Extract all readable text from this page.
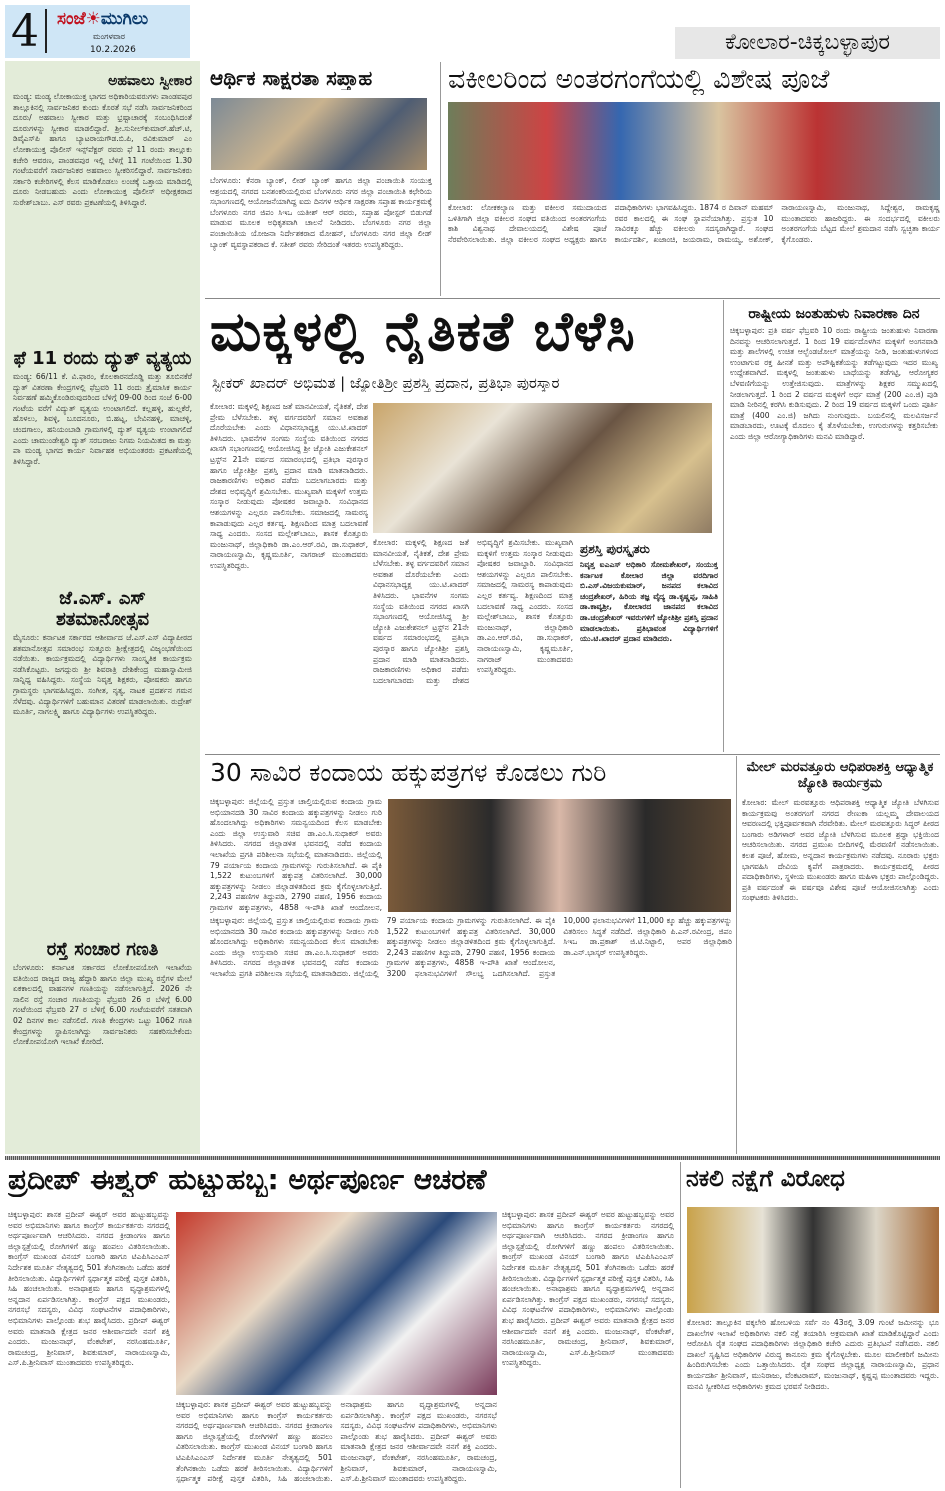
4 ಸಂಜೆ☀ಮುಗಿಲು
ಮಂಗಳವಾರ
10.2.2026	ಕೋಲಾರ-ಚಿಕ್ಕಬಳ್ಳಾಪುರ
ಅಹವಾಲು ಸ್ವೀಕಾರ
ಮಂಡ್ಯ: ಮಂಡ್ಯ ಲೋಕಾಯುಕ್ತ ಭಾಗದ ಅಧಿಕಾರಿಯವರುಗಳು ಪಾಂಡವಪುರ ತಾಲ್ಲೂಕಿನಲ್ಲಿ ಸಾರ್ವಜನಿಕರ ಕುಂದು ಕೊರತೆ ಸಭೆ ನಡೆಸಿ ಸಾರ್ವಜನಿಕರಿಂದ ದೂರು/ ಅಹವಾಲು ಸ್ವೀಕಾರ ಮತ್ತು ಭ್ರಷ್ಟಾಚಾರಕ್ಕೆ ಸಂಬಂಧಿಸಿದಂತೆ ದೂರುಗಳನ್ನು ಸ್ವೀಕಾರ ಮಾಡಲಿದ್ದಾರೆ. ಶ್ರೀ.ಸುನೀಲ್‌ಕುಮಾರ್.ಹೆಚ್.ಟಿ, ಡಿವೈಎಸ್‌ಪಿ ಹಾಗೂ ಬ್ಯಾಟರಾಯಗೌಡ.ಬಿ.ಪಿ, ರವಿಕುಮಾರ್ ಎಂ ಲೋಕಾಯುಕ್ತ ಪೊಲೀಸ್ ಇನ್ಸ್‌ಪೆಕ್ಟರ್ ರವರು ಫೆ 11 ರಂದು ತಾಲ್ಲೂಕು ಕಚೇರಿ ಆವರಣ, ಪಾಂಡವಪುರ ಇಲ್ಲಿ ಬೆಳಿಗ್ಗೆ 11 ಗಂಟೆಯಿಂದ 1.30 ಗಂಟೆಯವರೆಗೆ ಸಾರ್ವಜನಿಕರ ಅಹವಾಲು ಸ್ವೀಕರಿಸಲಿದ್ದಾರೆ. ಸಾರ್ವಜನಿಕರು ಸರ್ಕಾರಿ ಕಚೇರಿಗಳಲ್ಲಿ ಕೆಲಸ ಮಾಡಿಕೊಡಲು ಲಂಚಕ್ಕೆ ಒತ್ತಾಯ ಮಾಡಿದಲ್ಲಿ ದೂರು ನೀಡಬಹುದು ಎಂದು ಲೋಕಾಯುಕ್ತ ಪೊಲೀಸ್ ಅಧೀಕ್ಷಕರಾದ ಸುರೇಶ್‌ಬಾಬು. ಎಸ್ ರವರು ಪ್ರಕಟಣೆಯಲ್ಲಿ ತಿಳಿಸಿದ್ದಾರೆ.
ಫೆ 11 ರಂದು ದ್ಯುತ್ ವ್ಯತ್ಯಯ
ಮಂಡ್ಯ: 66/11 ಕೆ. ವಿ.ಫಾರಂ, ಕೊಲಕಾರನದೊಡ್ಡಿ ಮತ್ತು ತೂಬಿನಕೆರೆ ದ್ಯುತ್ ವಿತರಣಾ ಕೇಂದ್ರಗಳಲ್ಲಿ ಫೆಬ್ರವರಿ 11 ರಂದು ತ್ರೈಮಾಸಿಕ ಕಾರ್ಯ ನಿರ್ವಹಣೆ ಹಮ್ಮಿಕೊಂಡಿರುವುದರಿಂದ ಬೆಳಿಗ್ಗೆ 09-00 ರಿಂದ ಸಂಜೆ 6-00 ಗಂಟೆಯ ವರೆಗೆ ವಿದ್ಯುತ್ ವ್ಯತ್ಯಯ ಉಂಟಾಗಲಿದೆ. ಕಲ್ಲಹಳ್ಳಿ, ಹುಲ್ಲಕೆರೆ, ಹೊಳಲು, ಶಿವಳ್ಳಿ, ಬೂದನೂರು, ಬಿ.ಹಟ್ನ, ಬೇವಿನಹಳ್ಳಿ, ಮಾಚಳ್ಳಿ, ಚಂದಗಾಲು, ಹನಿಯಂಬಾಡಿ ಗ್ರಾಮಗಳಲ್ಲಿ ದ್ಯುತ್ ವ್ಯತ್ಯಯ ಉಂಟಾಗಲಿದೆ ಎಂದು ಚಾಮುಂಡೇಶ್ವರಿ ದ್ಯುತ್ ಸರಬರಾಜು ನಿಗಮ ನಿಯಮಿತದ ಕಾ ಮತ್ತು ಪಾ ಮಂಡ್ಯ ಭಾಗದ ಕಾರ್ಯ ನಿರ್ವಾಹಕ ಅಭಿಯಂತರರು ಪ್ರಕಟಣೆಯಲ್ಲಿ ತಿಳಿಸಿದ್ದಾರೆ.
ಜೆ.ಎಸ್. ಎಸ್ ಶತಮಾನೋತ್ಸವ
ಮೈಸೂರು: ಕರ್ನಾಟಕ ಸರ್ಕಾರದ ಆಶೀರ್ವಾದ ಜೆ.ಎಸ್.ಎಸ್ ವಿದ್ಯಾಪೀಠದ ಶತಮಾನೋತ್ಸವ ಸಮಾರಂಭ ಸುತ್ತೂರು ಶ್ರೀಕ್ಷೇತ್ರದಲ್ಲಿ ವಿಜೃಂಭಣೆಯಿಂದ ನಡೆಯಿತು. ಕಾರ್ಯಕ್ರಮದಲ್ಲಿ ವಿದ್ಯಾರ್ಥಿಗಳು ಸಾಂಸ್ಕೃತಿಕ ಕಾರ್ಯಕ್ರಮ ನಡೆಸಿಕೊಟ್ಟರು. ಜಗದ್ಗುರು ಶ್ರೀ ಶಿವರಾತ್ರಿ ದೇಶಿಕೇಂದ್ರ ಮಹಾಸ್ವಾಮೀಜಿ ಸಾನ್ನಿಧ್ಯ ವಹಿಸಿದ್ದರು. ಸಂಸ್ಥೆಯ ನಿವೃತ್ತ ಶಿಕ್ಷಕರು, ಪೋಷಕರು ಹಾಗೂ ಗ್ರಾಮಸ್ಥರು ಭಾಗವಹಿಸಿದ್ದರು. ಸಂಗೀತ, ನೃತ್ಯ, ನಾಟಕ ಪ್ರದರ್ಶನ ಗಮನ ಸೆಳೆದವು. ವಿದ್ಯಾರ್ಥಿಗಳಿಗೆ ಬಹುಮಾನ ವಿತರಣೆ ಮಾಡಲಾಯಿತು. ರುದ್ರೇಶ್ ಮೂರ್ತಿ, ನಾಗಲಕ್ಷ್ಮಿ ಹಾಗೂ ವಿದ್ಯಾರ್ಥಿಗಳು ಉಪಸ್ಥಿತರಿದ್ದರು.
ರಸ್ತೆ ಸಂಚಾರ ಗಣತಿ
ಬೆಂಗಳೂರು: ಕರ್ನಾಟಕ ಸರ್ಕಾರದ ಲೋಕೋಪಯೋಗಿ ಇಲಾಖೆಯ ವತಿಯಿಂದ ರಾಜ್ಯದ ರಾಜ್ಯ ಹೆದ್ದಾರಿ ಹಾಗೂ ಜಿಲ್ಲಾ ಮುಖ್ಯ ರಸ್ತೆಗಳ ಮೇಲೆ ಏಕಕಾಲದಲ್ಲಿ ವಾಹನಗಳ ಗಣತಿಯನ್ನು ನಡೆಸಲಾಗುತ್ತಿದೆ. 2026 ನೇ ಸಾಲಿನ ರಸ್ತೆ ಸಂಚಾರ ಗಣತಿಯನ್ನು ಫೆಬ್ರವರಿ 26 ರ ಬೆಳಿಗ್ಗೆ 6.00 ಗಂಟೆಯಿಂದ ಫೆಬ್ರವರಿ 27 ರ ಬೆಳಿಗ್ಗೆ 6.00 ಗಂಟೆಯವರೆಗೆ ಸತತವಾಗಿ 02 ದಿನಗಳ ಕಾಲ ನಡೆಸಲಿದೆ. ಗಣತಿ ಕೇಂದ್ರಗಳು ಒಟ್ಟು 1062 ಗಣತಿ ಕೇಂದ್ರಗಳನ್ನು ಸ್ಥಾಪಿಸಲಾಗಿದ್ದು ಸಾರ್ವಜನಿಕರು ಸಹಕರಿಸಬೇಕೆಂದು ಲೋಕೋಪಯೋಗಿ ಇಲಾಖೆ ಕೋರಿದೆ.
ಆರ್ಥಿಕ ಸಾಕ್ಷರತಾ ಸಪ್ತಾಹ
ಬೆಂಗಳೂರು: ಕೆನರಾ ಬ್ಯಾಂಕ್, ಲೀಡ್ ಬ್ಯಾಂಕ್ ಹಾಗೂ ಜಿಲ್ಲಾ ಪಂಚಾಯಿತಿ ಸಂಯುಕ್ತ ಆಶ್ರಯದಲ್ಲಿ ನಗರದ ಬನಶಂಕರಿಯಲ್ಲಿರುವ ಬೆಂಗಳೂರು ನಗರ ಜಿಲ್ಲಾ ಪಂಚಾಯಿತಿ ಕಛೇರಿಯ ಸಭಾಂಗಣದಲ್ಲಿ ಆಯೋಜನೆಯಾಗಿದ್ದ ಐದು ದಿನಗಳ ಆರ್ಥಿಕ ಸಾಕ್ಷರತಾ ಸಪ್ತಾಹ ಕಾರ್ಯಕ್ರಮಕ್ಕೆ ಬೆಂಗಳೂರು ನಗರ ಜಿಪಂ ಸಿಇಒ ಯತೀಶ್ ಆರ್ ರವರು, ಸಪ್ತಾಹ ಪೋಸ್ಟರ್ ಬಿಡುಗಡೆ ಮಾಡುವ ಮೂಲಕ ಅಧಿಕೃತವಾಗಿ ಚಾಲನೆ ನೀಡಿದರು. ಬೆಂಗಳೂರು ನಗರ ಜಿಲ್ಲಾ ಪಂಚಾಯಿತಿಯ ಯೋಜನಾ ನಿರ್ದೇಶಕರಾದ ಮೋಹನ್, ಬೆಂಗಳೂರು ನಗರ ಜಿಲ್ಲಾ ಲೀಡ್ ಬ್ಯಾಂಕ್ ವ್ಯವಸ್ಥಾಪಕರಾದ ಕೆ. ಸತೀಶ್ ರವರು ಸೇರಿದಂತೆ ಇತರರು ಉಪಸ್ಥಿತರಿದ್ದರು.
ವಕೀಲರಿಂದ ಅಂತರಗಂಗೆಯಲ್ಲಿ ವಿಶೇಷ ಪೂಜೆ
ಕೋಲಾರ: ಲೋಕಕಲ್ಯಾಣ ಮತ್ತು ವಕೀಲರ ಸಮುದಾಯದ ಒಳಿತಿಗಾಗಿ ಜಿಲ್ಲಾ ವಕೀಲರ ಸಂಘದ ವತಿಯಿಂದ ಅಂತರಗಂಗೆಯ ಕಾಶಿ ವಿಶ್ವನಾಥ ದೇವಾಲಯದಲ್ಲಿ ವಿಶೇಷ ಪೂಜೆ ನೆರವೇರಿಸಲಾಯಿತು. ಜಿಲ್ಲಾ ವಕೀಲರ ಸಂಘದ ಅಧ್ಯಕ್ಷರು ಹಾಗೂ ಪದಾಧಿಕಾರಿಗಳು ಭಾಗವಹಿಸಿದ್ದರು. 1874 ರ ದಿವಾನ್ ಮಹಮ್ ರವರ ಕಾಲದಲ್ಲಿ ಈ ಸಂಘ ಸ್ಥಾಪನೆಯಾಗಿತ್ತು. ಪ್ರಸ್ತುತ 10 ಸಾವಿರಕ್ಕೂ ಹೆಚ್ಚು ವಕೀಲರು ಸದಸ್ಯರಾಗಿದ್ದಾರೆ. ಸಂಘದ ಕಾರ್ಯದರ್ಶಿ, ಖಜಾಂಚಿ, ಜಯರಾಮ, ರಾಮಯ್ಯ, ಅಶೋಕ್, ನಾರಾಯಣಸ್ವಾಮಿ, ಮಂಜುನಾಥ, ಸಿದ್ದೇಶ್ವರ, ರಾಮಕೃಷ್ಣ ಮುಂತಾದವರು ಹಾಜರಿದ್ದರು. ಈ ಸಂದರ್ಭದಲ್ಲಿ ವಕೀಲರು ಅಂತರಗಂಗೆಯ ಬೆಟ್ಟದ ಮೇಲೆ ಶ್ರಮದಾನ ನಡೆಸಿ ಸ್ವಚ್ಛತಾ ಕಾರ್ಯ ಕೈಗೊಂಡರು.
ಮಕ್ಕಳಲ್ಲಿ ನೈತಿಕತೆ ಬೆಳೆಸಿ
ಸ್ಪೀಕರ್ ಖಾದರ್ ಅಭಿಮತ | ಜ್ಯೋತಿಶ್ರೀ ಪ್ರಶಸ್ತಿ ಪ್ರದಾನ, ಪ್ರತಿಭಾ ಪುರಸ್ಕಾರ
ಕೋಲಾರ: ಮಕ್ಕಳಲ್ಲಿ ಶಿಕ್ಷಣದ ಜತೆ ಮಾನವೀಯತೆ, ನೈತಿಕತೆ, ದೇಶ ಪ್ರೇಮ ಬೆಳೆಸಬೇಕು. ತಳ್ಳ ವರ್ಗದವರಿಗೆ ಸಮಾನ ಅವಕಾಶ ದೊರೆಯಬೇಕು ಎಂದು ವಿಧಾನಸಭಾಧ್ಯಕ್ಷ ಯು.ಟಿ.ಖಾದರ್ ತಿಳಿಸಿದರು. ಭಾವನೆಗಳ ಸಂಗಮ ಸಂಸ್ಥೆಯ ವತಿಯಿಂದ ನಗರದ ಖಾಸಗಿ ಸಭಾಂಗಣದಲ್ಲಿ ಆಯೋಜಿಸಿದ್ದ ಶ್ರೀ ಜ್ಯೋತಿ ಎಜುಕೇಶನಲ್ ಟ್ರಸ್ಟ್‌ನ 21ನೇ ವರ್ಷದ ಸಮಾರಂಭದಲ್ಲಿ ಪ್ರತಿಭಾ ಪುರಸ್ಕಾರ ಹಾಗೂ ಜ್ಯೋತಿಶ್ರೀ ಪ್ರಶಸ್ತಿ ಪ್ರದಾನ ಮಾಡಿ ಮಾತನಾಡಿದರು. ರಾಜಕಾರಣಿಗಳು ಅಧಿಕಾರ ಪಡೆದು ಬದಲಾಗಬಾರದು ಮತ್ತು ದೇಶದ ಅಭಿವೃದ್ಧಿಗೆ ಶ್ರಮಿಸಬೇಕು. ಮುಖ್ಯವಾಗಿ ಮಕ್ಕಳಿಗೆ ಉತ್ತಮ ಸಂಸ್ಕಾರ ನೀಡುವುದು ಪೋಷಕರ ಜವಾಬ್ದಾರಿ. ಸಂವಿಧಾನದ ಆಶಯಗಳನ್ನು ಎಲ್ಲರೂ ಪಾಲಿಸಬೇಕು. ಸಮಾಜದಲ್ಲಿ ಸಾಮರಸ್ಯ ಕಾಪಾಡುವುದು ಎಲ್ಲರ ಕರ್ತವ್ಯ. ಶಿಕ್ಷಣದಿಂದ ಮಾತ್ರ ಬದಲಾವಣೆ ಸಾಧ್ಯ ಎಂದರು. ಸಂಸದ ಮಲ್ಲೇಶ್‌ಬಾಬು, ಶಾಸಕ ಕೊತ್ತೂರು ಮಂಜುನಾಥ್, ಜಿಲ್ಲಾಧಿಕಾರಿ ಡಾ.ಎಂ.ಆರ್.ರವಿ, ಡಾ.ಸುಧಾಕರ್, ನಾರಾಯಣಸ್ವಾಮಿ, ಕೃಷ್ಣಮೂರ್ತಿ, ನಾಗರಾಜ್ ಮುಂತಾದವರು ಉಪಸ್ಥಿತರಿದ್ದರು.
ಕೋಲಾರ: ಮಕ್ಕಳಲ್ಲಿ ಶಿಕ್ಷಣದ ಜತೆ ಮಾನವೀಯತೆ, ನೈತಿಕತೆ, ದೇಶ ಪ್ರೇಮ ಬೆಳೆಸಬೇಕು. ತಳ್ಳ ವರ್ಗದವರಿಗೆ ಸಮಾನ ಅವಕಾಶ ದೊರೆಯಬೇಕು ಎಂದು ವಿಧಾನಸಭಾಧ್ಯಕ್ಷ ಯು.ಟಿ.ಖಾದರ್ ತಿಳಿಸಿದರು. ಭಾವನೆಗಳ ಸಂಗಮ ಸಂಸ್ಥೆಯ ವತಿಯಿಂದ ನಗರದ ಖಾಸಗಿ ಸಭಾಂಗಣದಲ್ಲಿ ಆಯೋಜಿಸಿದ್ದ ಶ್ರೀ ಜ್ಯೋತಿ ಎಜುಕೇಶನಲ್ ಟ್ರಸ್ಟ್‌ನ 21ನೇ ವರ್ಷದ ಸಮಾರಂಭದಲ್ಲಿ ಪ್ರತಿಭಾ ಪುರಸ್ಕಾರ ಹಾಗೂ ಜ್ಯೋತಿಶ್ರೀ ಪ್ರಶಸ್ತಿ ಪ್ರದಾನ ಮಾಡಿ ಮಾತನಾಡಿದರು. ರಾಜಕಾರಣಿಗಳು ಅಧಿಕಾರ ಪಡೆದು ಬದಲಾಗಬಾರದು ಮತ್ತು ದೇಶದ ಅಭಿವೃದ್ಧಿಗೆ ಶ್ರಮಿಸಬೇಕು. ಮುಖ್ಯವಾಗಿ ಮಕ್ಕಳಿಗೆ ಉತ್ತಮ ಸಂಸ್ಕಾರ ನೀಡುವುದು ಪೋಷಕರ ಜವಾಬ್ದಾರಿ. ಸಂವಿಧಾನದ ಆಶಯಗಳನ್ನು ಎಲ್ಲರೂ ಪಾಲಿಸಬೇಕು. ಸಮಾಜದಲ್ಲಿ ಸಾಮರಸ್ಯ ಕಾಪಾಡುವುದು ಎಲ್ಲರ ಕರ್ತವ್ಯ. ಶಿಕ್ಷಣದಿಂದ ಮಾತ್ರ ಬದಲಾವಣೆ ಸಾಧ್ಯ ಎಂದರು. ಸಂಸದ ಮಲ್ಲೇಶ್‌ಬಾಬು, ಶಾಸಕ ಕೊತ್ತೂರು ಮಂಜುನಾಥ್, ಜಿಲ್ಲಾಧಿಕಾರಿ ಡಾ.ಎಂ.ಆರ್.ರವಿ, ಡಾ.ಸುಧಾಕರ್, ನಾರಾಯಣಸ್ವಾಮಿ, ಕೃಷ್ಣಮೂರ್ತಿ, ನಾಗರಾಜ್ ಮುಂತಾದವರು ಉಪಸ್ಥಿತರಿದ್ದರು.
ಪ್ರಶಸ್ತಿ ಪುರಸ್ಕೃತರು
ನಿವೃತ್ತ ಐಎಎಸ್ ಅಧಿಕಾರಿ ಸೋಮಶೇಖರ್, ಸಂಯುಕ್ತ ಕರ್ನಾಟಕ ಕೋಲಾರ ಜಿಲ್ಲಾ ವರದಿಗಾರ ಬಿ.ಎಸ್.ವಿಜಯಕುಮಾರ್, ಜನಪದ ಕಲಾವಿದ ಚಂದ್ರಶೇಖರ್, ಹಿರಿಯ ತಜ್ಞ ವೈದ್ಯ ಡಾ.ಕೃಷ್ಣಪ್ಪ, ಸಾಹಿತಿ ಡಾ.ಕಾವ್ಯಶ್ರೀ, ಕೋಲಾರದ ಜಾನಪದ ಕಲಾವಿದ ಡಾ.ಚಂದ್ರಶೇಖರ್ ಇವರುಗಳಿಗೆ ಜ್ಯೋತಿಶ್ರೀ ಪ್ರಶಸ್ತಿ ಪ್ರದಾನ ಮಾಡಲಾಯಿತು. ಪ್ರತಿಭಾವಂತ ವಿದ್ಯಾರ್ಥಿಗಳಿಗೆ ಯು.ಟಿ.ಖಾದರ್ ಪ್ರದಾನ ಮಾಡಿದರು.
ರಾಷ್ಟ್ರೀಯ ಜಂತುಹುಳು ನಿವಾರಣಾ ದಿನ
ಚಿಕ್ಕಬಳ್ಳಾಪುರ: ಪ್ರತಿ ವರ್ಷ ಫೆಬ್ರವರಿ 10 ರಂದು ರಾಷ್ಟ್ರೀಯ ಜಂತುಹುಳು ನಿವಾರಣಾ ದಿನವನ್ನು ಆಚರಿಸಲಾಗುತ್ತದೆ. 1 ರಿಂದ 19 ವರ್ಷದೊಳಗಿನ ಮಕ್ಕಳಿಗೆ ಅಂಗನವಾಡಿ ಮತ್ತು ಶಾಲೆಗಳಲ್ಲಿ ಉಚಿತ ಆಲ್ಬೆಂಡಜೋಲ್ ಮಾತ್ರೆಯನ್ನು ನೀಡಿ, ಜಂತುಹುಳುಗಳಿಂದ ಉಂಟಾಗುವ ರಕ್ತ ಹೀನತೆ ಮತ್ತು ಅಪೌಷ್ಟಿಕತೆಯನ್ನು ತಡೆಗಟ್ಟುವುದು ಇದರ ಮುಖ್ಯ ಉದ್ದೇಶವಾಗಿದೆ. ಮಕ್ಕಳಲ್ಲಿ ಜಂತುಹುಳು ಬಾಧೆಯನ್ನು ತಡೆಗಟ್ಟಿ, ಆರೋಗ್ಯಕರ ಬೆಳವಣಿಗೆಯನ್ನು ಉತ್ತೇಜಿಸುವುದು. ಮಾತ್ರೆಗಳನ್ನು ಶಿಕ್ಷಕರ ಸಮ್ಮುಖದಲ್ಲಿ ನೀಡಲಾಗುತ್ತದೆ. 1 ರಿಂದ 2 ವರ್ಷದ ಮಕ್ಕಳಿಗೆ ಅರ್ಧ ಮಾತ್ರೆ (200 ಎಂ.ಜಿ) ಪುಡಿ ಮಾಡಿ ನೀರಿನಲ್ಲಿ ಕರಗಿಸಿ ಕುಡಿಸುವುದು. 2 ರಿಂದ 19 ವರ್ಷದ ಮಕ್ಕಳಿಗೆ ಒಂದು ಪೂರ್ತಿ ಮಾತ್ರೆ (400 ಎಂ.ಜಿ) ಜಗಿದು ನುಂಗುವುದು. ಬಯಲಿನಲ್ಲಿ ಮಲವಿಸರ್ಜನೆ ಮಾಡಬಾರದು, ಊಟಕ್ಕೆ ಮೊದಲು ಕೈ ತೊಳೆಯಬೇಕು, ಉಗುರುಗಳನ್ನು ಕತ್ತರಿಸಬೇಕು ಎಂದು ಜಿಲ್ಲಾ ಆರೋಗ್ಯಾಧಿಕಾರಿಗಳು ಮನವಿ ಮಾಡಿದ್ದಾರೆ.
30 ಸಾವಿರ ಕಂದಾಯ ಹಕ್ಕುಪತ್ರಗಳ ಕೊಡಲು ಗುರಿ
ಚಿಕ್ಕಬಳ್ಳಾಪುರ: ಜಿಲ್ಲೆಯಲ್ಲಿ ಪ್ರಸ್ತುತ ಚಾಲ್ತಿಯಲ್ಲಿರುವ ಕಂದಾಯ ಗ್ರಾಮ ಅಭಿಯಾನದಡಿ 30 ಸಾವಿರ ಕಂದಾಯ ಹಕ್ಕುಪತ್ರಗಳನ್ನು ನೀಡಲು ಗುರಿ ಹೊಂದಲಾಗಿದ್ದು ಅಧಿಕಾರಿಗಳು ಸಮನ್ವಯದಿಂದ ಕೆಲಸ ಮಾಡಬೇಕು ಎಂದು ಜಿಲ್ಲಾ ಉಸ್ತುವಾರಿ ಸಚಿವ ಡಾ.ಎಂ.ಸಿ.ಸುಧಾಕರ್ ಅವರು ತಿಳಿಸಿದರು. ನಗರದ ಜಿಲ್ಲಾಡಳಿತ ಭವನದಲ್ಲಿ ನಡೆದ ಕಂದಾಯ ಇಲಾಖೆಯ ಪ್ರಗತಿ ಪರಿಶೀಲನಾ ಸಭೆಯಲ್ಲಿ ಮಾತನಾಡಿದರು. ಜಿಲ್ಲೆಯಲ್ಲಿ 79 ಪರ್ಯಾಯ ಕಂದಾಯ ಗ್ರಾಮಗಳನ್ನು ಗುರುತಿಸಲಾಗಿದೆ. ಈ ಪೈಕಿ 1,522 ಕುಟುಂಬಗಳಿಗೆ ಹಕ್ಕುಪತ್ರ ವಿತರಿಸಲಾಗಿದೆ. 30,000 ಹಕ್ಕುಪತ್ರಗಳನ್ನು ನೀಡಲು ಜಿಲ್ಲಾಡಳಿತದಿಂದ ಕ್ರಮ ಕೈಗೊಳ್ಳಲಾಗುತ್ತಿದೆ. 2,243 ಪಹಣಿಗಳ ತಿದ್ದುಪಡಿ, 2790 ಪಹಣಿ, 1956 ಕಂದಾಯ ಗ್ರಾಮಗಳ ಹಕ್ಕುಪತ್ರಗಳು, 4858 ಇ-ಪೌತಿ ಖಾತೆ ಆಂದೋಲನ,
ಚಿಕ್ಕಬಳ್ಳಾಪುರ: ಜಿಲ್ಲೆಯಲ್ಲಿ ಪ್ರಸ್ತುತ ಚಾಲ್ತಿಯಲ್ಲಿರುವ ಕಂದಾಯ ಗ್ರಾಮ ಅಭಿಯಾನದಡಿ 30 ಸಾವಿರ ಕಂದಾಯ ಹಕ್ಕುಪತ್ರಗಳನ್ನು ನೀಡಲು ಗುರಿ ಹೊಂದಲಾಗಿದ್ದು ಅಧಿಕಾರಿಗಳು ಸಮನ್ವಯದಿಂದ ಕೆಲಸ ಮಾಡಬೇಕು ಎಂದು ಜಿಲ್ಲಾ ಉಸ್ತುವಾರಿ ಸಚಿವ ಡಾ.ಎಂ.ಸಿ.ಸುಧಾಕರ್ ಅವರು ತಿಳಿಸಿದರು. ನಗರದ ಜಿಲ್ಲಾಡಳಿತ ಭವನದಲ್ಲಿ ನಡೆದ ಕಂದಾಯ ಇಲಾಖೆಯ ಪ್ರಗತಿ ಪರಿಶೀಲನಾ ಸಭೆಯಲ್ಲಿ ಮಾತನಾಡಿದರು. ಜಿಲ್ಲೆಯಲ್ಲಿ 79 ಪರ್ಯಾಯ ಕಂದಾಯ ಗ್ರಾಮಗಳನ್ನು ಗುರುತಿಸಲಾಗಿದೆ. ಈ ಪೈಕಿ 1,522 ಕುಟುಂಬಗಳಿಗೆ ಹಕ್ಕುಪತ್ರ ವಿತರಿಸಲಾಗಿದೆ. 30,000 ಹಕ್ಕುಪತ್ರಗಳನ್ನು ನೀಡಲು ಜಿಲ್ಲಾಡಳಿತದಿಂದ ಕ್ರಮ ಕೈಗೊಳ್ಳಲಾಗುತ್ತಿದೆ. 2,243 ಪಹಣಿಗಳ ತಿದ್ದುಪಡಿ, 2790 ಪಹಣಿ, 1956 ಕಂದಾಯ ಗ್ರಾಮಗಳ ಹಕ್ಕುಪತ್ರಗಳು, 4858 ಇ-ಪೌತಿ ಖಾತೆ ಆಂದೋಲನ, 3200 ಫಲಾನುಭವಿಗಳಿಗೆ ಸೌಲಭ್ಯ ಒದಗಿಸಲಾಗಿದೆ. ಪ್ರಸ್ತುತ 10,000 ಫಲಾನುಭವಿಗಳಿಗೆ 11,000 ಕ್ಕೂ ಹೆಚ್ಚು ಹಕ್ಕುಪತ್ರಗಳನ್ನು ವಿತರಿಸಲು ಸಿದ್ಧತೆ ನಡೆದಿದೆ. ಜಿಲ್ಲಾಧಿಕಾರಿ ಪಿ.ಎನ್.ರವೀಂದ್ರ, ಜಿಪಂ ಸಿಇಒ ಡಾ.ಪ್ರಕಾಶ್ ಜಿ.ಟಿ.ನಿಟ್ಟಾಲಿ, ಅಪರ ಜಿಲ್ಲಾಧಿಕಾರಿ ಡಾ.ಎನ್.ಭಾಸ್ಕರ್ ಉಪಸ್ಥಿತರಿದ್ದರು.
ಮೇಲ್ ಮರವತ್ತೂರು ಆಧಿಪರಾಶಕ್ತಿ ಆಧ್ಯಾತ್ಮಿಕ ಜ್ಯೋತಿ ಕಾರ್ಯಕ್ರಮ
ಕೋಲಾರ: ಮೇಲ್ ಮರವತ್ತೂರು ಆಧಿಪರಾಶಕ್ತಿ ಆಧ್ಯಾತ್ಮಿಕ ಜ್ಯೋತಿ ಬೆಳಗಿಸುವ ಕಾರ್ಯಕ್ರಮವು ಅಂತರಗಂಗೆ ನಗರದ ರೇಣುಕಾ ಯಲ್ಲಮ್ಮ ದೇವಾಲಯದ ಆವರಣದಲ್ಲಿ ಭಕ್ತಿಪೂರ್ವಕವಾಗಿ ನೆರವೇರಿತು. ಮೇಲ್ ಮರವತ್ತೂರು ಸಿದ್ಧರ್ ಪೀಠದ ಬಂಗಾರು ಅಡಿಗಳಾರ್ ಅವರ ಜ್ಯೋತಿ ಬೆಳಗಿಸುವ ಮೂಲಕ ಶ್ರದ್ಧಾ ಭಕ್ತಿಯಿಂದ ಆಚರಿಸಲಾಯಿತು. ನಗರದ ಪ್ರಮುಖ ಬೀದಿಗಳಲ್ಲಿ ಮೆರವಣಿಗೆ ನಡೆಸಲಾಯಿತು. ಕಲಶ ಪೂಜೆ, ಹೋಮ, ಅನ್ನದಾನ ಕಾರ್ಯಕ್ರಮಗಳು ನಡೆದವು. ನೂರಾರು ಭಕ್ತರು ಭಾಗವಹಿಸಿ ದೇವಿಯ ಕೃಪೆಗೆ ಪಾತ್ರರಾದರು. ಕಾರ್ಯಕ್ರಮದಲ್ಲಿ ಪೀಠದ ಪದಾಧಿಕಾರಿಗಳು, ಸ್ಥಳೀಯ ಮುಖಂಡರು ಹಾಗೂ ಮಹಿಳಾ ಭಕ್ತರು ಪಾಲ್ಗೊಂಡಿದ್ದರು. ಪ್ರತಿ ವರ್ಷದಂತೆ ಈ ವರ್ಷವೂ ವಿಶೇಷ ಪೂಜೆ ಆಯೋಜಿಸಲಾಗಿತ್ತು ಎಂದು ಸಂಘಟಕರು ತಿಳಿಸಿದರು.
ಪ್ರದೀಪ್ ಈಶ್ವರ್ ಹುಟ್ಟುಹಬ್ಬ: ಅರ್ಥಪೂರ್ಣ ಆಚರಣೆ
ಚಿಕ್ಕಬಳ್ಳಾಪುರ: ಶಾಸಕ ಪ್ರದೀಪ್ ಈಶ್ವರ್ ಅವರ ಹುಟ್ಟುಹಬ್ಬವನ್ನು ಅವರ ಅಭಿಮಾನಿಗಳು ಹಾಗೂ ಕಾಂಗ್ರೆಸ್ ಕಾರ್ಯಕರ್ತರು ನಗರದಲ್ಲಿ ಅರ್ಥಪೂರ್ಣವಾಗಿ ಆಚರಿಸಿದರು. ನಗರದ ಕ್ರೀಡಾಂಗಣ ಹಾಗೂ ಜಿಲ್ಲಾಸ್ಪತ್ರೆಯಲ್ಲಿ ರೋಗಿಗಳಿಗೆ ಹಣ್ಣು ಹಂಪಲು ವಿತರಿಸಲಾಯಿತು. ಕಾಂಗ್ರೆಸ್ ಮುಖಂಡ ವಿನಯ್ ಬಂಗಾರಿ ಹಾಗೂ ಟಿಎಪಿಸಿಎಂಎಸ್ ನಿರ್ದೇಶಕ ಮೂರ್ತಿ ನೇತೃತ್ವದಲ್ಲಿ 501 ತೆಂಗಿನಕಾಯಿ ಒಡೆದು ಹರಕೆ ತೀರಿಸಲಾಯಿತು. ವಿದ್ಯಾರ್ಥಿಗಳಿಗೆ ಸ್ಪರ್ಧಾತ್ಮಕ ಪರೀಕ್ಷೆ ಪುಸ್ತಕ ವಿತರಿಸಿ, ಸಿಹಿ ಹಂಚಲಾಯಿತು. ಅನಾಥಾಶ್ರಮ ಹಾಗೂ ವೃದ್ಧಾಶ್ರಮಗಳಲ್ಲಿ ಅನ್ನದಾನ ಏರ್ಪಡಿಸಲಾಗಿತ್ತು. ಕಾಂಗ್ರೆಸ್ ಪಕ್ಷದ ಮುಖಂಡರು, ನಗರಸಭೆ ಸದಸ್ಯರು, ವಿವಿಧ ಸಂಘಟನೆಗಳ ಪದಾಧಿಕಾರಿಗಳು, ಅಭಿಮಾನಿಗಳು ಪಾಲ್ಗೊಂಡು ಶುಭ ಹಾರೈಸಿದರು. ಪ್ರದೀಪ್ ಈಶ್ವರ್ ಅವರು ಮಾತನಾಡಿ ಕ್ಷೇತ್ರದ ಜನರ ಆಶೀರ್ವಾದವೇ ನನಗೆ ಶಕ್ತಿ ಎಂದರು. ಮಂಜುನಾಥ್, ವೆಂಕಟೇಶ್, ನರಸಿಂಹಮೂರ್ತಿ, ರಾಮಚಂದ್ರ, ಶ್ರೀನಿವಾಸ್, ಶಿವಕುಮಾರ್, ನಾರಾಯಣಸ್ವಾಮಿ, ಎಸ್.ಪಿ.ಶ್ರೀನಿವಾಸ್ ಮುಂತಾದವರು ಉಪಸ್ಥಿತರಿದ್ದರು.
ಚಿಕ್ಕಬಳ್ಳಾಪುರ: ಶಾಸಕ ಪ್ರದೀಪ್ ಈಶ್ವರ್ ಅವರ ಹುಟ್ಟುಹಬ್ಬವನ್ನು ಅವರ ಅಭಿಮಾನಿಗಳು ಹಾಗೂ ಕಾಂಗ್ರೆಸ್ ಕಾರ್ಯಕರ್ತರು ನಗರದಲ್ಲಿ ಅರ್ಥಪೂರ್ಣವಾಗಿ ಆಚರಿಸಿದರು. ನಗರದ ಕ್ರೀಡಾಂಗಣ ಹಾಗೂ ಜಿಲ್ಲಾಸ್ಪತ್ರೆಯಲ್ಲಿ ರೋಗಿಗಳಿಗೆ ಹಣ್ಣು ಹಂಪಲು ವಿತರಿಸಲಾಯಿತು. ಕಾಂಗ್ರೆಸ್ ಮುಖಂಡ ವಿನಯ್ ಬಂಗಾರಿ ಹಾಗೂ ಟಿಎಪಿಸಿಎಂಎಸ್ ನಿರ್ದೇಶಕ ಮೂರ್ತಿ ನೇತೃತ್ವದಲ್ಲಿ 501 ತೆಂಗಿನಕಾಯಿ ಒಡೆದು ಹರಕೆ ತೀರಿಸಲಾಯಿತು. ವಿದ್ಯಾರ್ಥಿಗಳಿಗೆ ಸ್ಪರ್ಧಾತ್ಮಕ ಪರೀಕ್ಷೆ ಪುಸ್ತಕ ವಿತರಿಸಿ, ಸಿಹಿ ಹಂಚಲಾಯಿತು. ಅನಾಥಾಶ್ರಮ ಹಾಗೂ ವೃದ್ಧಾಶ್ರಮಗಳಲ್ಲಿ ಅನ್ನದಾನ ಏರ್ಪಡಿಸಲಾಗಿತ್ತು. ಕಾಂಗ್ರೆಸ್ ಪಕ್ಷದ ಮುಖಂಡರು, ನಗರಸಭೆ ಸದಸ್ಯರು, ವಿವಿಧ ಸಂಘಟನೆಗಳ ಪದಾಧಿಕಾರಿಗಳು, ಅಭಿಮಾನಿಗಳು ಪಾಲ್ಗೊಂಡು ಶುಭ ಹಾರೈಸಿದರು. ಪ್ರದೀಪ್ ಈಶ್ವರ್ ಅವರು ಮಾತನಾಡಿ ಕ್ಷೇತ್ರದ ಜನರ ಆಶೀರ್ವಾದವೇ ನನಗೆ ಶಕ್ತಿ ಎಂದರು. ಮಂಜುನಾಥ್, ವೆಂಕಟೇಶ್, ನರಸಿಂಹಮೂರ್ತಿ, ರಾಮಚಂದ್ರ, ಶ್ರೀನಿವಾಸ್, ಶಿವಕುಮಾರ್, ನಾರಾಯಣಸ್ವಾಮಿ, ಎಸ್.ಪಿ.ಶ್ರೀನಿವಾಸ್ ಮುಂತಾದವರು ಉಪಸ್ಥಿತರಿದ್ದರು.
ಚಿಕ್ಕಬಳ್ಳಾಪುರ: ಶಾಸಕ ಪ್ರದೀಪ್ ಈಶ್ವರ್ ಅವರ ಹುಟ್ಟುಹಬ್ಬವನ್ನು ಅವರ ಅಭಿಮಾನಿಗಳು ಹಾಗೂ ಕಾಂಗ್ರೆಸ್ ಕಾರ್ಯಕರ್ತರು ನಗರದಲ್ಲಿ ಅರ್ಥಪೂರ್ಣವಾಗಿ ಆಚರಿಸಿದರು. ನಗರದ ಕ್ರೀಡಾಂಗಣ ಹಾಗೂ ಜಿಲ್ಲಾಸ್ಪತ್ರೆಯಲ್ಲಿ ರೋಗಿಗಳಿಗೆ ಹಣ್ಣು ಹಂಪಲು ವಿತರಿಸಲಾಯಿತು. ಕಾಂಗ್ರೆಸ್ ಮುಖಂಡ ವಿನಯ್ ಬಂಗಾರಿ ಹಾಗೂ ಟಿಎಪಿಸಿಎಂಎಸ್ ನಿರ್ದೇಶಕ ಮೂರ್ತಿ ನೇತೃತ್ವದಲ್ಲಿ 501 ತೆಂಗಿನಕಾಯಿ ಒಡೆದು ಹರಕೆ ತೀರಿಸಲಾಯಿತು. ವಿದ್ಯಾರ್ಥಿಗಳಿಗೆ ಸ್ಪರ್ಧಾತ್ಮಕ ಪರೀಕ್ಷೆ ಪುಸ್ತಕ ವಿತರಿಸಿ, ಸಿಹಿ ಹಂಚಲಾಯಿತು. ಅನಾಥಾಶ್ರಮ ಹಾಗೂ ವೃದ್ಧಾಶ್ರಮಗಳಲ್ಲಿ ಅನ್ನದಾನ ಏರ್ಪಡಿಸಲಾಗಿತ್ತು. ಕಾಂಗ್ರೆಸ್ ಪಕ್ಷದ ಮುಖಂಡರು, ನಗರಸಭೆ ಸದಸ್ಯರು, ವಿವಿಧ ಸಂಘಟನೆಗಳ ಪದಾಧಿಕಾರಿಗಳು, ಅಭಿಮಾನಿಗಳು ಪಾಲ್ಗೊಂಡು ಶುಭ ಹಾರೈಸಿದರು. ಪ್ರದೀಪ್ ಈಶ್ವರ್ ಅವರು ಮಾತನಾಡಿ ಕ್ಷೇತ್ರದ ಜನರ ಆಶೀರ್ವಾದವೇ ನನಗೆ ಶಕ್ತಿ ಎಂದರು. ಮಂಜುನಾಥ್, ವೆಂಕಟೇಶ್, ನರಸಿಂಹಮೂರ್ತಿ, ರಾಮಚಂದ್ರ, ಶ್ರೀನಿವಾಸ್, ಶಿವಕುಮಾರ್, ನಾರಾಯಣಸ್ವಾಮಿ, ಎಸ್.ಪಿ.ಶ್ರೀನಿವಾಸ್ ಮುಂತಾದವರು ಉಪಸ್ಥಿತರಿದ್ದರು.
ನಕಲಿ ನಕ್ಷೆಗೆ ವಿರೋಧ
ಕೋಲಾರ: ತಾಲ್ಲೂಕಿನ ವಕ್ಕಲೇರಿ ಹೋಬಳಿಯ ಸರ್ವೆ ನಂ 43ರಲ್ಲಿ 3.09 ಗುಂಟೆ ಜಮೀನನ್ನು ಭೂ ದಾಖಲೆಗಳ ಇಲಾಖೆ ಅಧಿಕಾರಿಗಳು ನಕಲಿ ನಕ್ಷೆ ತಯಾರಿಸಿ ಅಕ್ರಮವಾಗಿ ಖಾತೆ ಮಾಡಿಕೊಟ್ಟಿದ್ದಾರೆ ಎಂದು ಆರೋಪಿಸಿ ರೈತ ಸಂಘದ ಪದಾಧಿಕಾರಿಗಳು ಜಿಲ್ಲಾಧಿಕಾರಿ ಕಚೇರಿ ಎದುರು ಪ್ರತಿಭಟನೆ ನಡೆಸಿದರು. ನಕಲಿ ದಾಖಲೆ ಸೃಷ್ಟಿಸಿದ ಅಧಿಕಾರಿಗಳ ವಿರುದ್ಧ ಕಾನೂನು ಕ್ರಮ ಕೈಗೊಳ್ಳಬೇಕು. ಮೂಲ ಮಾಲೀಕರಿಗೆ ಜಮೀನು ಹಿಂದಿರುಗಿಸಬೇಕು ಎಂದು ಒತ್ತಾಯಿಸಿದರು. ರೈತ ಸಂಘದ ಜಿಲ್ಲಾಧ್ಯಕ್ಷ ನಾರಾಯಣಸ್ವಾಮಿ, ಪ್ರಧಾನ ಕಾರ್ಯದರ್ಶಿ ಶ್ರೀನಿವಾಸ್, ಮುನಿರಾಜು, ವೆಂಕಟರಾಮ್, ಮಂಜುನಾಥ್, ಕೃಷ್ಣಪ್ಪ ಮುಂತಾದವರು ಇದ್ದರು. ಮನವಿ ಸ್ವೀಕರಿಸಿದ ಅಧಿಕಾರಿಗಳು ಕ್ರಮದ ಭರವಸೆ ನೀಡಿದರು.
